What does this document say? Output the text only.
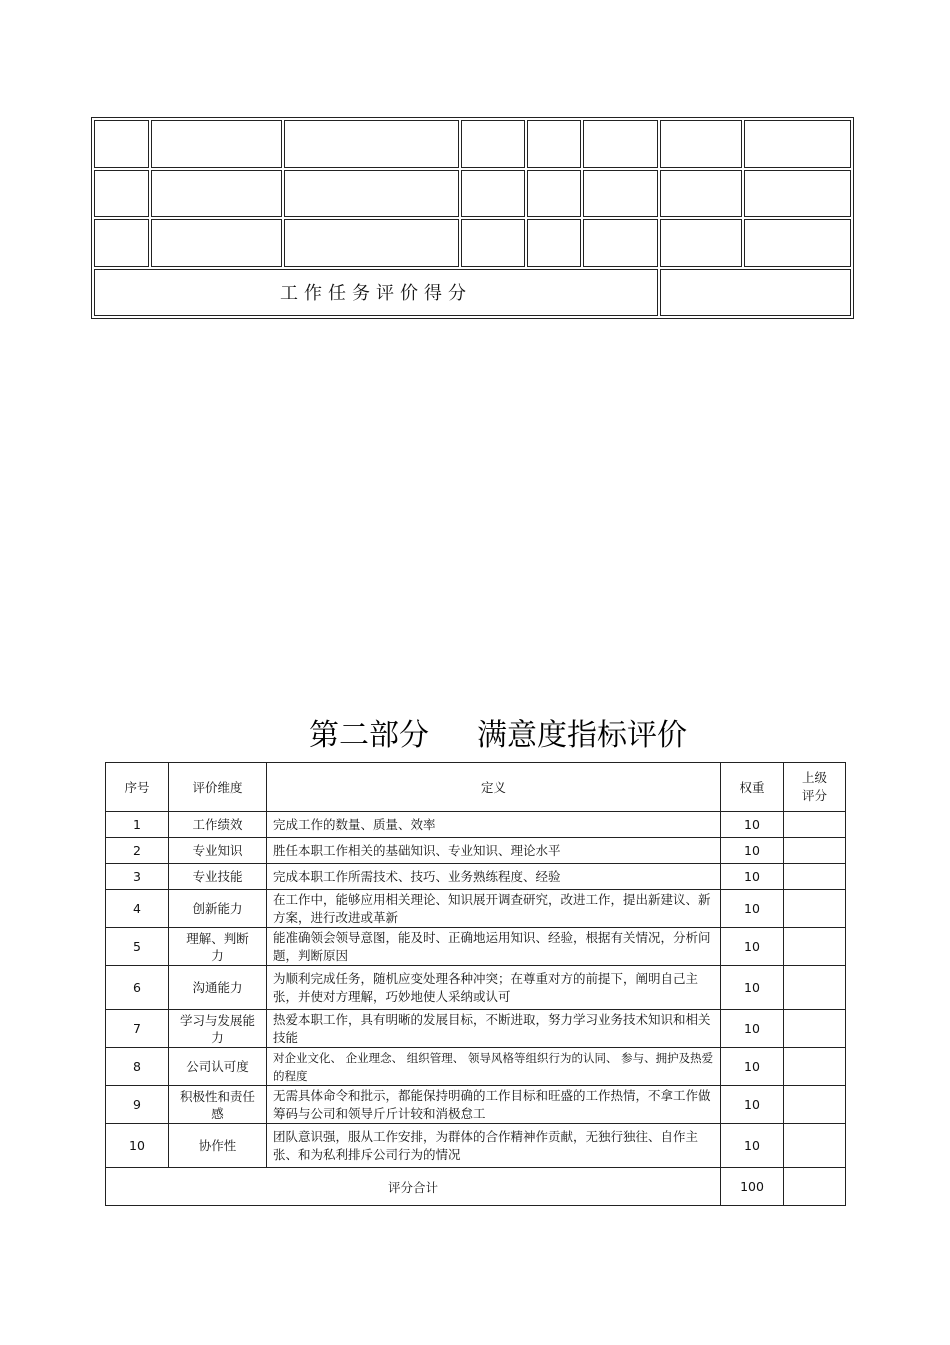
工作任务评价得分							
第二部分 满意度指标评价
序号	评价维度	定义	权重	上级评分

1	工作绩效	完成工作的数量、质量、效率	10	
2	专业知识	胜任本职工作相关的基础知识、专业知识、理论水平	10	
3	专业技能	完成本职工作所需技术、技巧、业务熟练程度、经验	10	
4	创新能力	在工作中，能够应用相关理论、知识展开调查研究，改进工作，提出新建议、新方案，进行改进或革新	10	
5	理解、判断力	能准确领会领导意图，能及时、正确地运用知识、经验，根据有关情况，分析问题，判断原因	10	
6	沟通能力	为顺利完成任务，随机应变处理各种冲突；在尊重对方的前提下，阐明自己主张，并使对方理解，巧妙地使人采纳或认可	10	
7	学习与发展能力	热爱本职工作，具有明晰的发展目标，不断进取，努力学习业务技术知识和相关技能	10	
8	公司认可度	对企业文化、 企业理念、 组织管理、 领导风格等组织行为的认同、 参与、拥护及热爱的程度	10	
9	积极性和责任感	无需具体命令和批示，都能保持明确的工作目标和旺盛的工作热情，不拿工作做筹码与公司和领导斤斤计较和消极怠工	10	
10	协作性	团队意识强，服从工作安排，为群体的合作精神作贡献，无独行独往、自作主张、和为私利排斥公司行为的情况	10	
评分合计			100	
